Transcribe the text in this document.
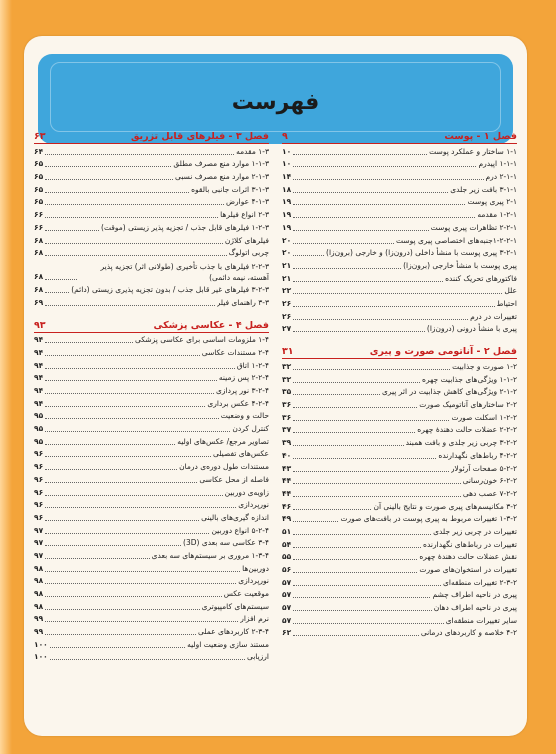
فهرست
فصل ۱ - پوست
۹
۱-۱ ساختار و عملکرد پوست
۱۰
۱-۱-۱ اپیدرم
۱۰
۲-۱-۱ درم
۱۴
۳-۱-۱ بافت زیر جلدی
۱۸
۲-۱ پیری پوست
۱۹
۱-۲-۱ مقدمه
۱۹
۲-۲-۱ تظاهرات پیری پوست
۱۹
۱-۲-۲-۱جنبه‌های اختصاصی پیری پوست
۲۰
۳-۲-۱ پیری پوست با منشأ داخلی (درون‌زا) و خارجی (برون‌زا)
۲۰
پیری پوست با منشأ خارجی (برون‌زا)
۲۱
فاکتورهای تحریک کننده
۲۱
علل
۲۲
احتیاط
۲۶
تغییرات در درم
۲۶
پیری با منشأ درونی (درون‌زا)
۲۷
فصل ۲ - آناتومی صورت و پیری
۳۱
۱-۲ صورت و جذابیت
۳۲
۱-۱-۲ ویژگی‌های جذابیت چهره
۳۲
۲-۱-۲ ویژگی‌های کاهش جذابیت در اثر پیری
۳۵
۲-۲ ساختارهای آناتومیک صورت
۳۶
۱-۲-۲ اسکلت صورت
۳۶
۲-۲-۲ عضلات حالت دهندهٔ چهره
۳۷
۳-۲-۲ چربی زیر جلدی و بافت همبند
۳۹
۴-۲-۲ رباط‌های نگهدارنده
۴۰
۵-۲-۲ صفحات آرئولار
۴۳
۶-۲-۲ خون‌رسانی
۴۴
۷-۲-۲ عصب دهی
۴۴
۳-۲ مکانیسم‌های پیری صورت و نتایج بالینی آن
۴۶
۱-۳-۲ تغییرات مربوط به پیری پوست در بافت‌های صورت
۴۹
تغییرات در چربی زیر جلدی
۵۱
تغییرات در رباط‌های نگهدارنده
۵۴
نقش عضلات حالت دهندهٔ چهره
۵۵
تغییرات در استخوان‌های صورت
۵۶
۲-۳-۲ تغییرات منطقه‌ای
۵۷
پیری در ناحیه اطراف چشم
۵۷
پیری در ناحیه اطراف دهان
۵۷
سایر تغییرات منطقه‌ای
۵۷
۴-۲ خلاصه و کاربردهای درمانی
۶۲
فصل ۳ - فیلرهای قابل تزریق
۶۳
۱-۳ مقدمه
۶۴
۱-۱-۳ موارد منع مصرف مطلق
۶۵
۲-۱-۳ موارد منع مصرف نسبی
۶۵
۳-۱-۳ اثرات جانبی بالقوه
۶۵
۴-۱-۳ عوارض
۶۵
۲-۳ انواع فیلرها
۶۶
۱-۲-۳ فیلرهای قابل جذب / تجزیه پذیر زیستی (موقت)
۶۶
فیلرهای کلاژن
۶۸
چربی اتولوگ
۶۸
۲-۲-۳ فیلرهای با جذب تأخیری (طولانی اثر) تجزیه پذیر آهسته، نیمه دائمی)
۶۸
۳-۲-۳ فیلرهای غیر قابل جذب / بدون تجزیه پذیری زیستی (دائم)
۶۸
۳-۳ راهنمای فیلر
۶۹
فصل ۴ - عکاسی پزشکی
۹۳
۱-۴ ملزومات اساسی برای عکاسی پزشکی
۹۴
۲-۴ مستندات عکاسی
۹۴
۱-۲-۴ اتاق
۹۴
۲-۲-۴ پس زمینه
۹۴
۳-۲-۴ نور پردازی
۹۴
۴-۲-۴ عکس برداری
۹۴
حالت و وضعیت
۹۵
کنترل کردن
۹۵
تصاویر مرجع/ عکس‌های اولیه
۹۵
عکس‌های تفصیلی
۹۶
مستندات طول دوره‌ی درمان
۹۶
فاصله از محل عکاسی
۹۶
زاویه‌ی دوربین
۹۶
نورپردازی
۹۶
اندازه گیری‌های بالینی
۹۶
۵-۲-۴ انواع دوربین
۹۷
۳-۴ عکاسی سه بعدی (3D)
۹۷
۱-۳-۴ مروری بر سیستم‌های سه بعدی
۹۷
دوربین‌ها
۹۸
نورپردازی
۹۸
موقعیت عکس
۹۸
سیستم‌های کامپیوتری
۹۸
نرم افزار
۹۹
۲-۳-۴ کاربردهای عملی
۹۹
مستند سازی وضعیت اولیه
۱۰۰
ارزیابی
۱۰۰
